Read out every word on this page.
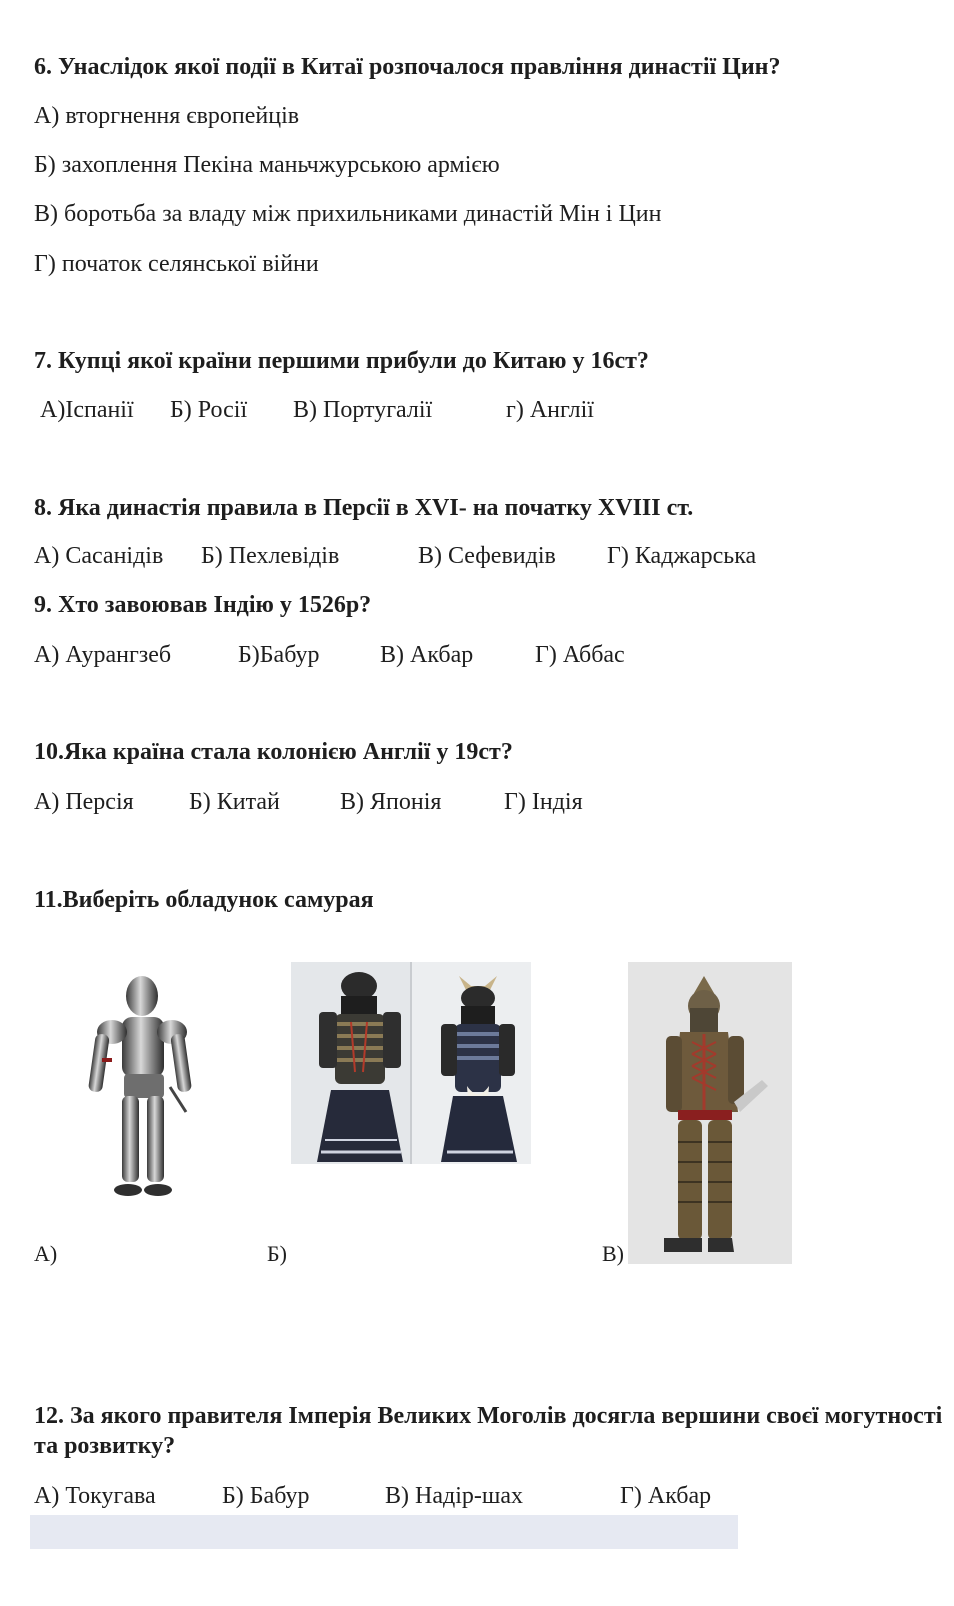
6. Унаслідок якої події в Китаї розпочалося правління династії Цин?
А) вторгнення європейців
Б) захоплення Пекіна маньчжурською армією
В) боротьба за владу між прихильниками династій Мін і Цин
Г) початок селянської війни
7. Купці якої країни першими прибули до Китаю у 16ст?
А)Іспанії Б) Росії В) Португалії	г) Англії
8. Яка династія правила в Персії в XVI- на початку XVIII ст.
А) Сасанідів Б) Пехлевідів	В) Сефевидів Г) Каджарська
9. Хто завоював Індію у 1526р?
А) Аурангзеб	Б)Бабур	В) Акбар	Г) Аббас
10.Яка країна стала колонією Англії у 19ст?
А) Персія Б) Китай	В) Японія	Г) Індія
11.Виберіть обладунок самурая
А)	Б)	В)
12. За якого правителя Імперія Великих Моголів досягла вершини своєї могутності
та розвитку?
А) Токугава	Б) Бабур	В) Надір-шах	Г) Акбар
